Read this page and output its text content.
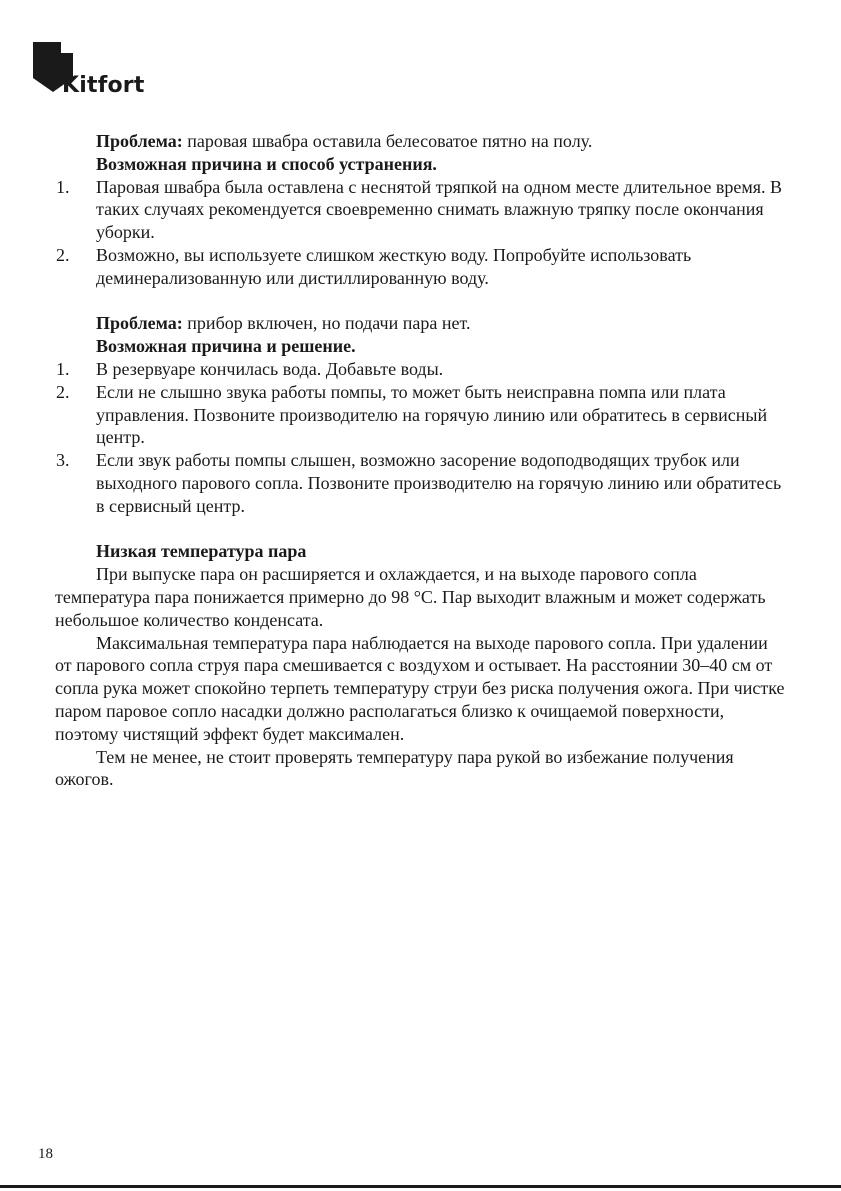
Kitfort

Проблема: паровая швабра оставила белесоватое пятно на полу.

Возможная причина и способ устранения.

1.	Паровая швабра была оставлена с неснятой тряпкой на одном месте длительное время. В таких случаях рекомендуется своевременно снимать влажную тряпку после окончания уборки.
2.	Возможно, вы используете слишком жесткую воду. Попробуйте использовать деминерализованную или дистиллированную воду.

Проблема: прибор включен, но подачи пара нет.

Возможная причина и решение.

1.	В резервуаре кончилась вода. Добавьте воды.
2.	Если не слышно звука работы помпы, то может быть неисправна помпа или плата управления. Позвоните производителю на горячую линию или обратитесь в сервисный центр.
3.	Если звук работы помпы слышен, возможно засорение водоподводящих трубок или выходного парового сопла. Позвоните производителю на горячую линию или обратитесь в сервисный центр.

Низкая температура пара

При выпуске пара он расширяется и охлаждается, и на выходе парового сопла температура пара понижается примерно до 98 °С. Пар выходит влажным и может содержать небольшое количество конденсата.

Максимальная температура пара наблюдается на выходе парового сопла. При удалении от парового сопла струя пара смешивается с воздухом и остывает. На расстоянии 30–40 см от сопла рука может спокойно терпеть температуру струи без риска получения ожога. При чистке паром паровое сопло насадки должно располагаться близко к очищаемой поверхности, поэтому чистящий эффект будет максимален.

Тем не менее, не стоит проверять температуру пара рукой во избежание получения ожогов.

18
